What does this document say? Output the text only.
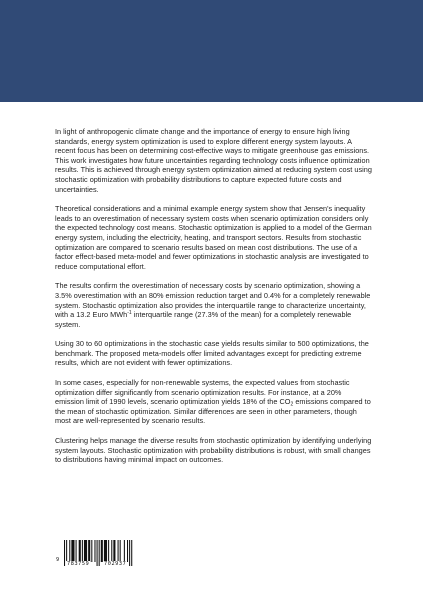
In light of anthropogenic climate change and the importance of energy to ensure high living standards, energy system optimization is used to explore different energy system layouts. A recent focus has been on determining cost-effective ways to mitigate greenhouse gas emissions. This work investigates how future uncertainties regarding technology costs influence optimization results. This is achieved through energy system optimization aimed at reducing system cost using stochastic optimization with probability distributions to capture expected future costs and uncertainties.

Theoretical considerations and a minimal example energy system show that Jensen's inequality leads to an overestimation of necessary system costs when scenario optimization considers only the expected technology cost means. Stochastic optimization is applied to a model of the German energy system, including the electricity, heating, and transport sectors. Results from stochastic optimization are compared to scenario results based on mean cost distributions. The use of a factor effect-based meta-model and fewer optimizations in stochastic analysis are investigated to reduce computational effort.

The results confirm the overestimation of necessary costs by scenario optimization, showing a 3.5% overestimation with an 80% emission reduction target and 0.4% for a completely renewable system. Stochastic optimization also provides the interquartile range to characterize uncertainty, with a 13.2 Euro MWh$^{-1}$ interquartile range (27.3% of the mean) for a completely renewable system.

Using 30 to 60 optimizations in the stochastic case yields results similar to 500 optimizations, the benchmark. The proposed meta-models offer limited advantages except for predicting extreme results, which are not evident with fewer optimizations.

In some cases, especially for non-renewable systems, the expected values from stochastic optimization differ significantly from scenario optimization results. For instance, at a 20% emission limit of 1990 levels, scenario optimization yields 18% of the $CO_2$ emissions compared to the mean of stochastic optimization. Similar differences are seen in other parameters, though most are well-represented by scenario results.

Clustering helps manage the diverse results from stochastic optimization by identifying underlying system layouts. Stochastic optimization with probability distributions is robust, with small changes to distributions having minimal impact on outcomes.

9
783759	702937
